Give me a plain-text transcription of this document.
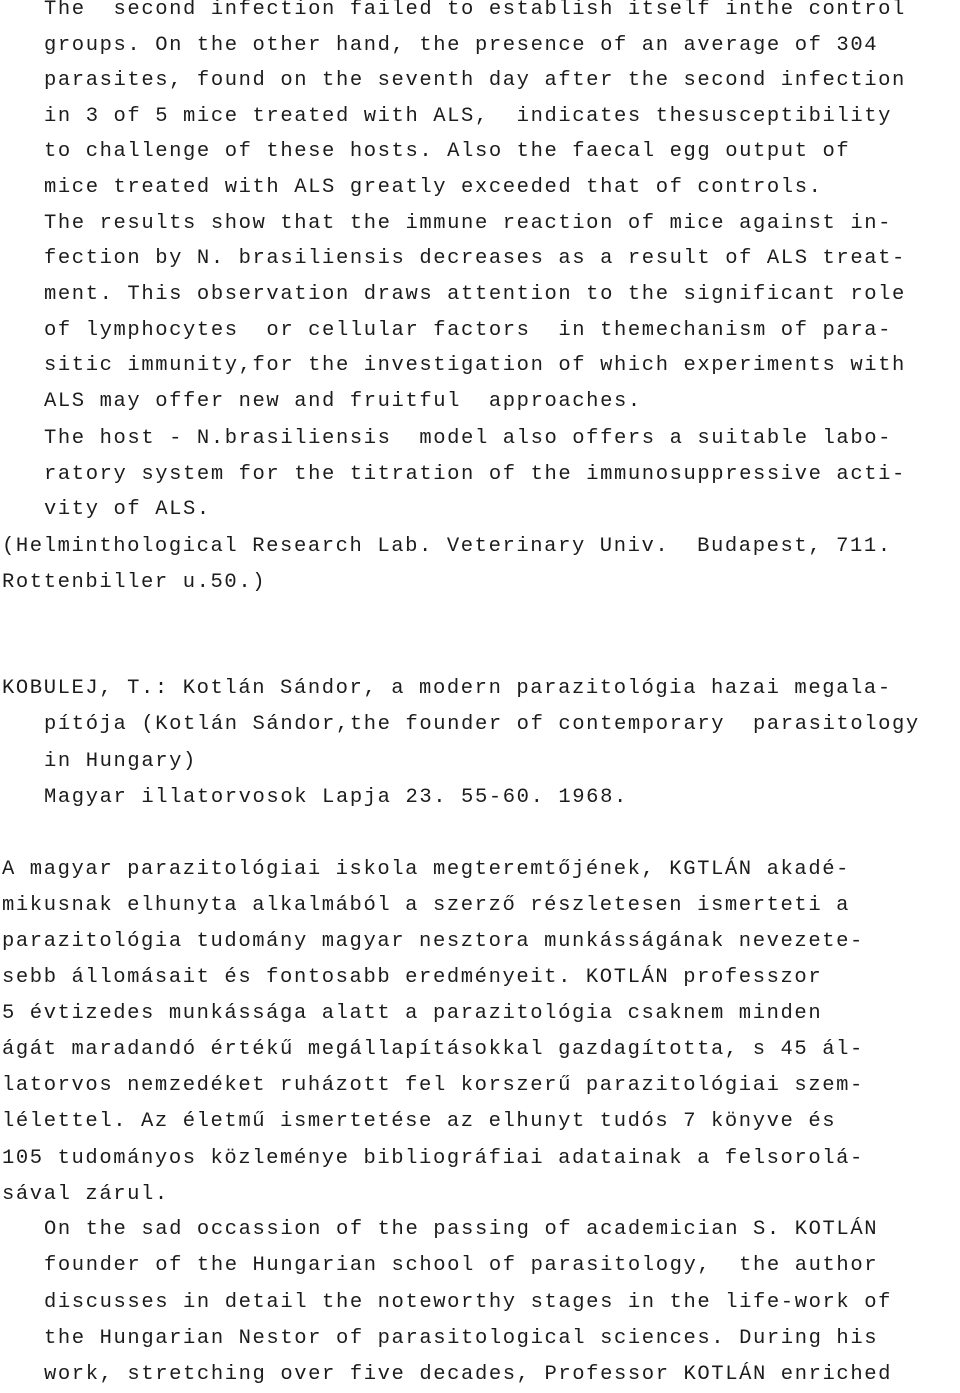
The  second infection failed to establish itself inthe control
groups. On the other hand, the presence of an average of 304
parasites, found on the seventh day after the second infection
in 3 of 5 mice treated with ALS,  indicates thesusceptibility
to challenge of these hosts. Also the faecal egg output of
mice treated with ALS greatly exceeded that of controls.
The results show that the immune reaction of mice against in-
fection by N. brasiliensis decreases as a result of ALS treat-
ment. This observation draws attention to the significant role
of lymphocytes  or cellular factors  in themechanism of para-
sitic immunity,for the investigation of which experiments with
ALS may offer new and fruitful  approaches.
The host - N.brasiliensis  model also offers a suitable labo-
ratory system for the titration of the immunosuppressive acti-
vity of ALS.
(Helminthological Research Lab. Veterinary Univ.  Budapest, 711.
Rottenbiller u.50.)
KOBULEJ, T.: Kotlán Sándor, a modern parazitológia hazai megala-
pítója (Kotlán Sándor,the founder of contemporary  parasitology
in Hungary)
Magyar illatorvosok Lapja 23. 55-60. 1968.
A magyar parazitológiai iskola megteremtőjének, KGTLÁN akadé-
mikusnak elhunyta alkalmából a szerző részletesen ismerteti a
parazitológia tudomány magyar nesztora munkásságának nevezete-
sebb állomásait és fontosabb eredményeit. KOTLÁN professzor
5 évtizedes munkássága alatt a parazitológia csaknem minden
ágát maradandó értékű megállapításokkal gazdagította, s 45 ál-
latorvos nemzedéket ruházott fel korszerű parazitológiai szem-
lélettel. Az életmű ismertetése az elhunyt tudós 7 könyve és
105 tudományos közleménye bibliográfiai adatainak a felsorolá-
sával zárul.
On the sad occassion of the passing of academician S. KOTLÁN
founder of the Hungarian school of parasitology,  the author
discusses in detail the noteworthy stages in the life-work of
the Hungarian Nestor of parasitological sciences. During his
work, stretching over five decades, Professor KOTLÁN enriched
